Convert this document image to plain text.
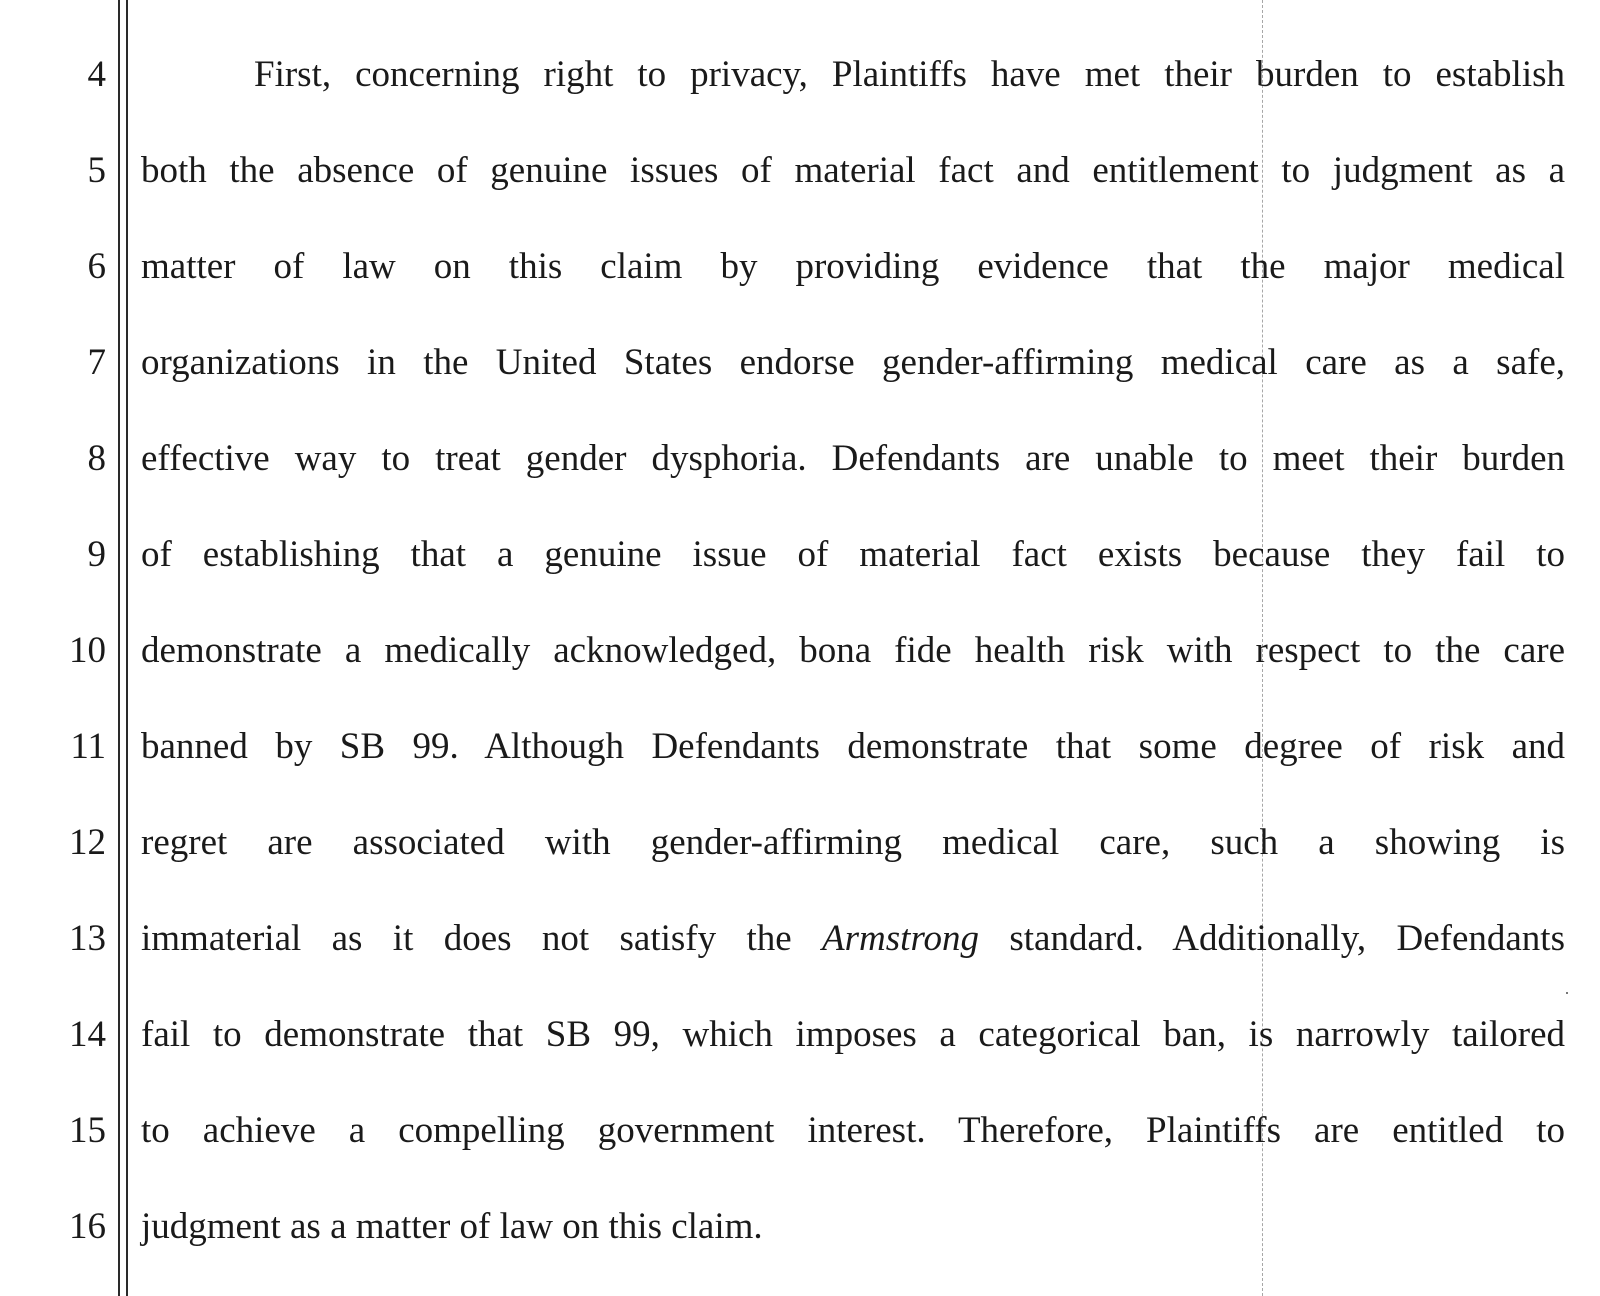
4
5
6
7
8
9
10
11
12
13
14
15
16
First, concerning right to privacy, Plaintiffs have met their burden to establish
both the absence of genuine issues of material fact and entitlement to judgment as a
matter of law on this claim by providing evidence that the major medical
organizations in the United States endorse gender-affirming medical care as a safe,
effective way to treat gender dysphoria. Defendants are unable to meet their burden
of establishing that a genuine issue of material fact exists because they fail to
demonstrate a medically acknowledged, bona fide health risk with respect to the care
banned by SB 99. Although Defendants demonstrate that some degree of risk and
regret are associated with gender-affirming medical care, such a showing is
immaterial as it does not satisfy the Armstrong standard. Additionally, Defendants
fail to demonstrate that SB 99, which imposes a categorical ban, is narrowly tailored
to achieve a compelling government interest. Therefore, Plaintiffs are entitled to
judgment as a matter of law on this claim.
